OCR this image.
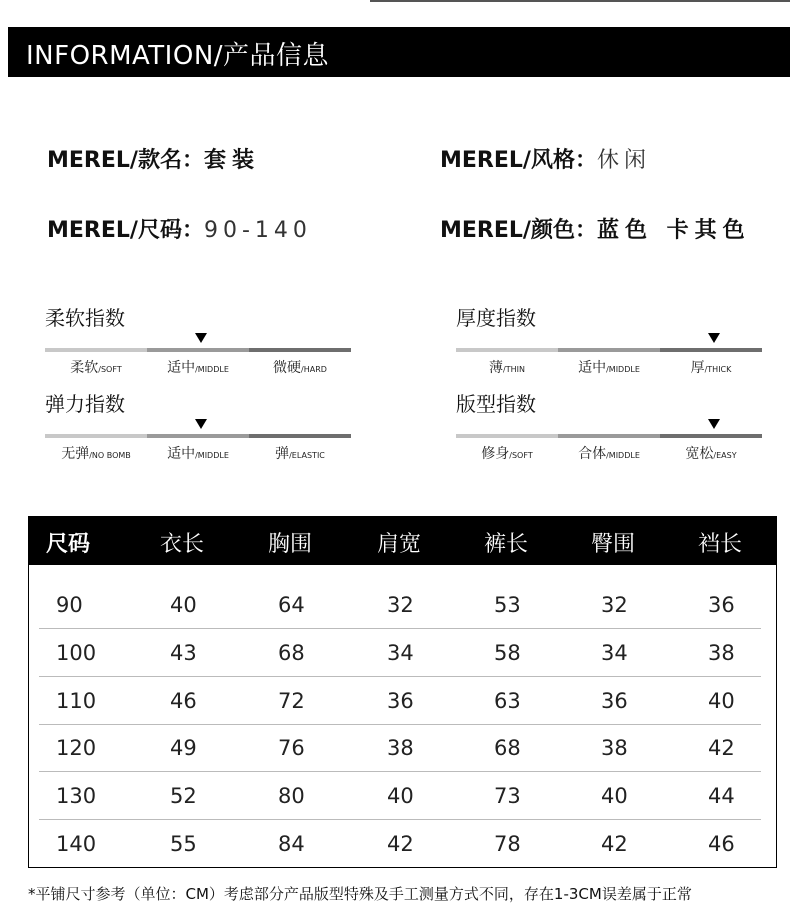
INFORMATION/产品信息
MEREL/款名：套装	MEREL/风格：休闲
MEREL/尺码：90-140	MEREL/颜色：蓝色 卡其色
柔软指数
柔软/SOFT	适中/MIDDLE	微硬/HARD
厚度指数
薄/THIN	适中/MIDDLE	厚/THICK
弹力指数
无弹/NO BOMB	适中/MIDDLE	弹/ELASTIC
版型指数
修身/SOFT	合体/MIDDLE	宽松/EASY
尺码	衣长	胸围	肩宽	裤长	臀围	裆长
90	40	64	32	53	32	36
100	43	68	34	58	34	38
110	46	72	36	63	36	40
120	49	76	38	68	38	42
130	52	80	40	73	40	44
140	55	84	42	78	42	46
*平铺尺寸参考（单位：CM）考虑部分产品版型特殊及手工测量方式不同，存在1-3CM误差属于正常
